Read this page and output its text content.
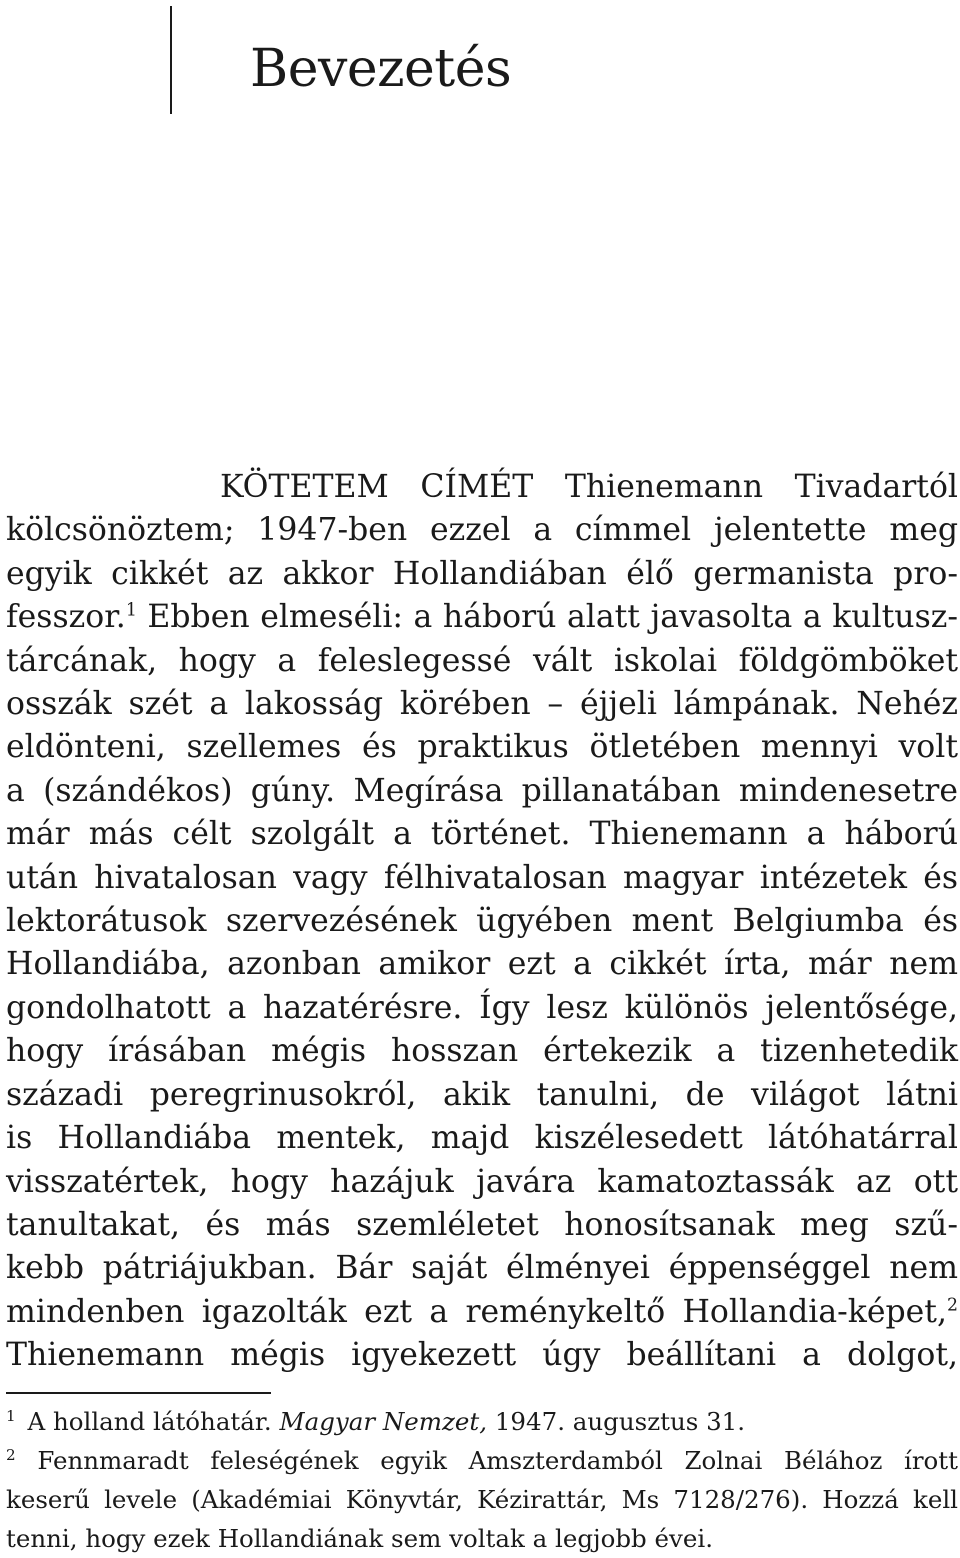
Bevezetés
KÖTETEM CÍMÉT Thienemann Tivadartól
kölcsönöztem; 1947-ben ezzel a címmel jelentette meg
egyik cikkét az akkor Hollandiában élő germanista pro-
fesszor.$^1$ Ebben elmeséli: a háború alatt javasolta a kultusz-
tárcának, hogy a feleslegessé vált iskolai földgömböket
osszák szét a lakosság körében – éjjeli lámpának. Nehéz
eldönteni, szellemes és praktikus ötletében mennyi volt
a (szándékos) gúny. Megírása pillanatában mindenesetre
már más célt szolgált a történet. Thienemann a háború
után hivatalosan vagy félhivatalosan magyar intézetek és
lektorátusok szervezésének ügyében ment Belgiumba és
Hollandiába, azonban amikor ezt a cikkét írta, már nem
gondolhatott a hazatérésre. Így lesz különös jelentősége,
hogy írásában mégis hosszan értekezik a tizenhetedik
századi peregrinusokról, akik tanulni, de világot látni
is Hollandiába mentek, majd kiszélesedett látóhatárral
visszatértek, hogy hazájuk javára kamatoztassák az ott
tanultakat, és más szemléletet honosítsanak meg szű-
kebb pátriájukban. Bár saját élményei éppenséggel nem
mindenben igazolták ezt a reménykeltő Hollandia-képet,$^2$
Thienemann mégis igyekezett úgy beállítani a dolgot,
$^1$ A holland látóhatár. Magyar Nemzet, 1947. augusztus 31.
$^2$ Fennmaradt feleségének egyik Amszterdamból Zolnai Bélához írott
keserű levele (Akadémiai Könyvtár, Kézirattár, Ms 7128/276). Hozzá kell
tenni, hogy ezek Hollandiának sem voltak a legjobb évei.
